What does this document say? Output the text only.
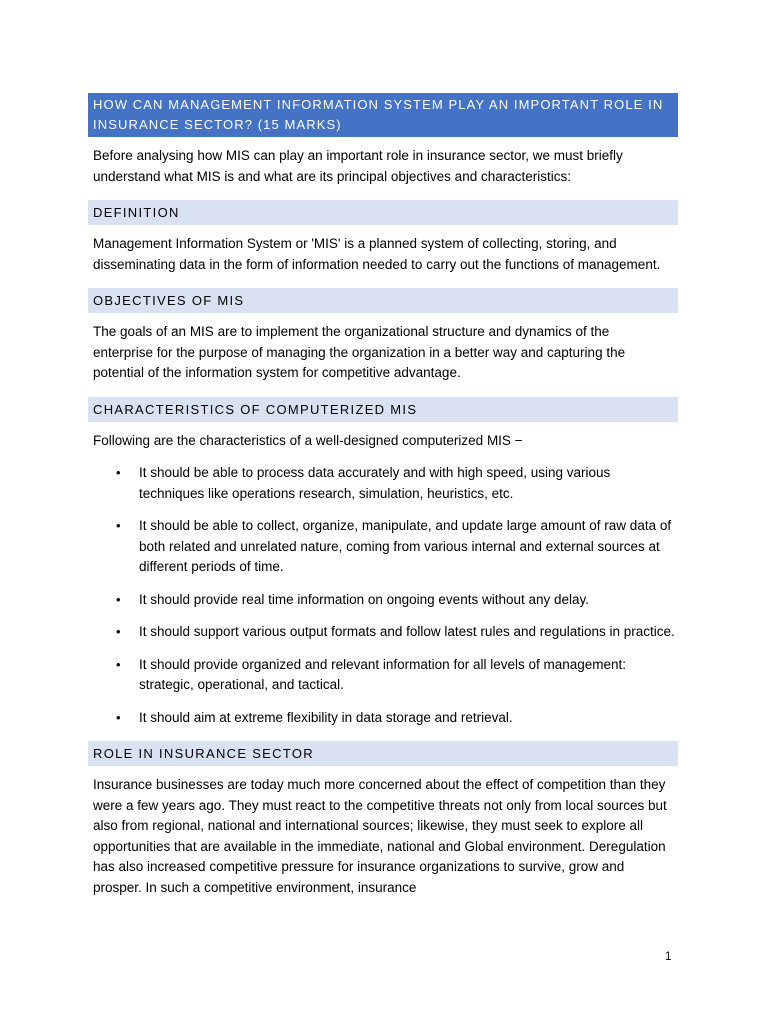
HOW CAN MANAGEMENT INFORMATION SYSTEM PLAY AN IMPORTANT ROLE IN INSURANCE SECTOR? (15 MARKS)

Before analysing how MIS can play an important role in insurance sector, we must briefly understand what MIS is and what are its principal objectives and characteristics:

DEFINITION

Management Information System or 'MIS' is a planned system of collecting, storing, and disseminating data in the form of information needed to carry out the functions of management.

OBJECTIVES OF MIS

The goals of an MIS are to implement the organizational structure and dynamics of the enterprise for the purpose of managing the organization in a better way and capturing the potential of the information system for competitive advantage.

CHARACTERISTICS OF COMPUTERIZED MIS

Following are the characteristics of a well-designed computerized MIS −

• It should be able to process data accurately and with high speed, using various techniques like operations research, simulation, heuristics, etc.
• It should be able to collect, organize, manipulate, and update large amount of raw data of both related and unrelated nature, coming from various internal and external sources at different periods of time.
• It should provide real time information on ongoing events without any delay.
• It should support various output formats and follow latest rules and regulations in practice.
• It should provide organized and relevant information for all levels of management: strategic, operational, and tactical.
• It should aim at extreme flexibility in data storage and retrieval.
ROLE IN INSURANCE SECTOR

Insurance businesses are today much more concerned about the effect of competition than they were a few years ago. They must react to the competitive threats not only from local sources but also from regional, national and international sources; likewise, they must seek to explore all opportunities that are available in the immediate, national and Global environment. Deregulation has also increased competitive pressure for insurance organizations to survive, grow and prosper. In such a competitive environment, insurance

1
